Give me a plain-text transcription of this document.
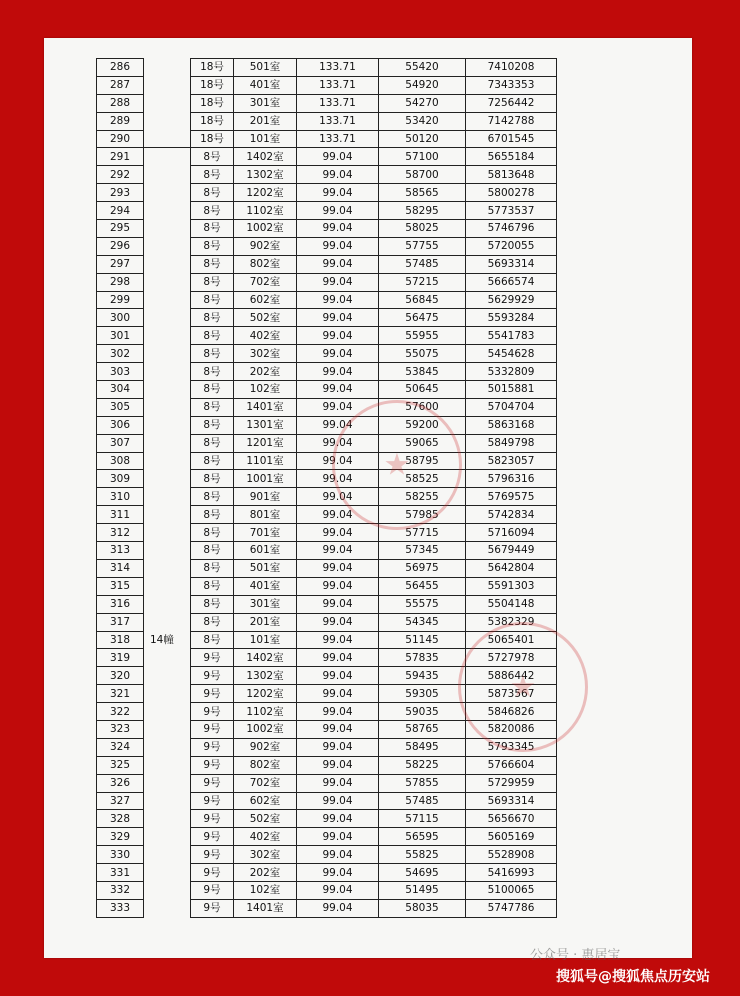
286		18号	501室	133.71	55420	7410208
287		18号	401室	133.71	54920	7343353
288		18号	301室	133.71	54270	7256442
289		18号	201室	133.71	53420	7142788
290		18号	101室	133.71	50120	6701545
291		8号	1402室	99.04	57100	5655184
292		8号	1302室	99.04	58700	5813648
293		8号	1202室	99.04	58565	5800278
294		8号	1102室	99.04	58295	5773537
295		8号	1002室	99.04	58025	5746796
296		8号	902室	99.04	57755	5720055
297		8号	802室	99.04	57485	5693314
298		8号	702室	99.04	57215	5666574
299		8号	602室	99.04	56845	5629929
300		8号	502室	99.04	56475	5593284
301		8号	402室	99.04	55955	5541783
302		8号	302室	99.04	55075	5454628
303		8号	202室	99.04	53845	5332809
304		8号	102室	99.04	50645	5015881
305		8号	1401室	99.04	57600	5704704
306		8号	1301室	99.04	59200	5863168
307		8号	1201室	99.04	59065	5849798
308		8号	1101室	99.04	58795	5823057
309		8号	1001室	99.04	58525	5796316
310		8号	901室	99.04	58255	5769575
311		8号	801室	99.04	57985	5742834
312		8号	701室	99.04	57715	5716094
313		8号	601室	99.04	57345	5679449
314		8号	501室	99.04	56975	5642804
315		8号	401室	99.04	56455	5591303
316		8号	301室	99.04	55575	5504148
317		8号	201室	99.04	54345	5382329
318	14幢	8号	101室	99.04	51145	5065401
319		9号	1402室	99.04	57835	5727978
320		9号	1302室	99.04	59435	5886442
321		9号	1202室	99.04	59305	5873567
322		9号	1102室	99.04	59035	5846826
323		9号	1002室	99.04	58765	5820086
324		9号	902室	99.04	58495	5793345
325		9号	802室	99.04	58225	5766604
326		9号	702室	99.04	57855	5729959
327		9号	602室	99.04	57485	5693314
328		9号	502室	99.04	57115	5656670
329		9号	402室	99.04	56595	5605169
330		9号	302室	99.04	55825	5528908
331		9号	202室	99.04	54695	5416993
332		9号	102室	99.04	51495	5100065
333		9号	1401室	99.04	58035	5747786
★
★
公众号 · 惠居宝
搜狐号@搜狐焦点历安站
